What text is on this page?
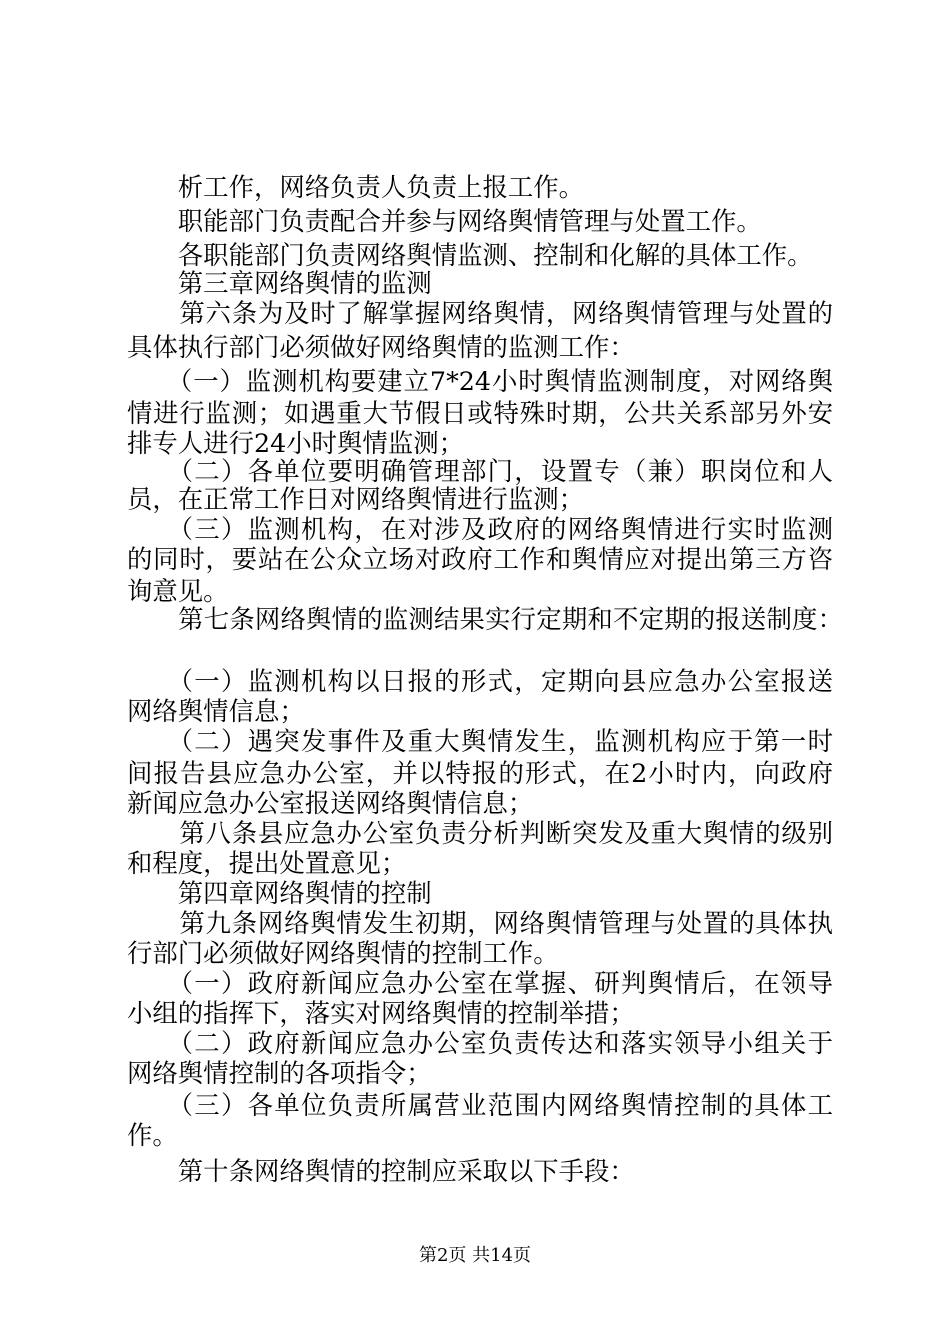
　　析工作，网络负责人负责上报工作。
　　职能部门负责配合并参与网络舆情管理与处置工作。
　　各职能部门负责网络舆情监测、控制和化解的具体工作。
　　第三章网络舆情的监测
　　第六条为及时了解掌握网络舆情，网络舆情管理与处置的
具体执行部门必须做好网络舆情的监测工作：
　　（一）监测机构要建立7*24小时舆情监测制度，对网络舆
情进行监测；如遇重大节假日或特殊时期，公共关系部另外安
排专人进行24小时舆情监测；
　　（二）各单位要明确管理部门，设置专（兼）职岗位和人
员，在正常工作日对网络舆情进行监测；
　　（三）监测机构，在对涉及政府的网络舆情进行实时监测
的同时，要站在公众立场对政府工作和舆情应对提出第三方咨
询意见。
　　第七条网络舆情的监测结果实行定期和不定期的报送制度：
　　（一）监测机构以日报的形式，定期向县应急办公室报送
网络舆情信息；
　　（二）遇突发事件及重大舆情发生，监测机构应于第一时
间报告县应急办公室，并以特报的形式，在2小时内，向政府
新闻应急办公室报送网络舆情信息；
　　第八条县应急办公室负责分析判断突发及重大舆情的级别
和程度，提出处置意见；
　　第四章网络舆情的控制
　　第九条网络舆情发生初期，网络舆情管理与处置的具体执
行部门必须做好网络舆情的控制工作。
　　（一）政府新闻应急办公室在掌握、研判舆情后，在领导
小组的指挥下，落实对网络舆情的控制举措；
　　（二）政府新闻应急办公室负责传达和落实领导小组关于
网络舆情控制的各项指令；
　　（三）各单位负责所属营业范围内网络舆情控制的具体工
作。
　　第十条网络舆情的控制应采取以下手段：
第2页 共14页
